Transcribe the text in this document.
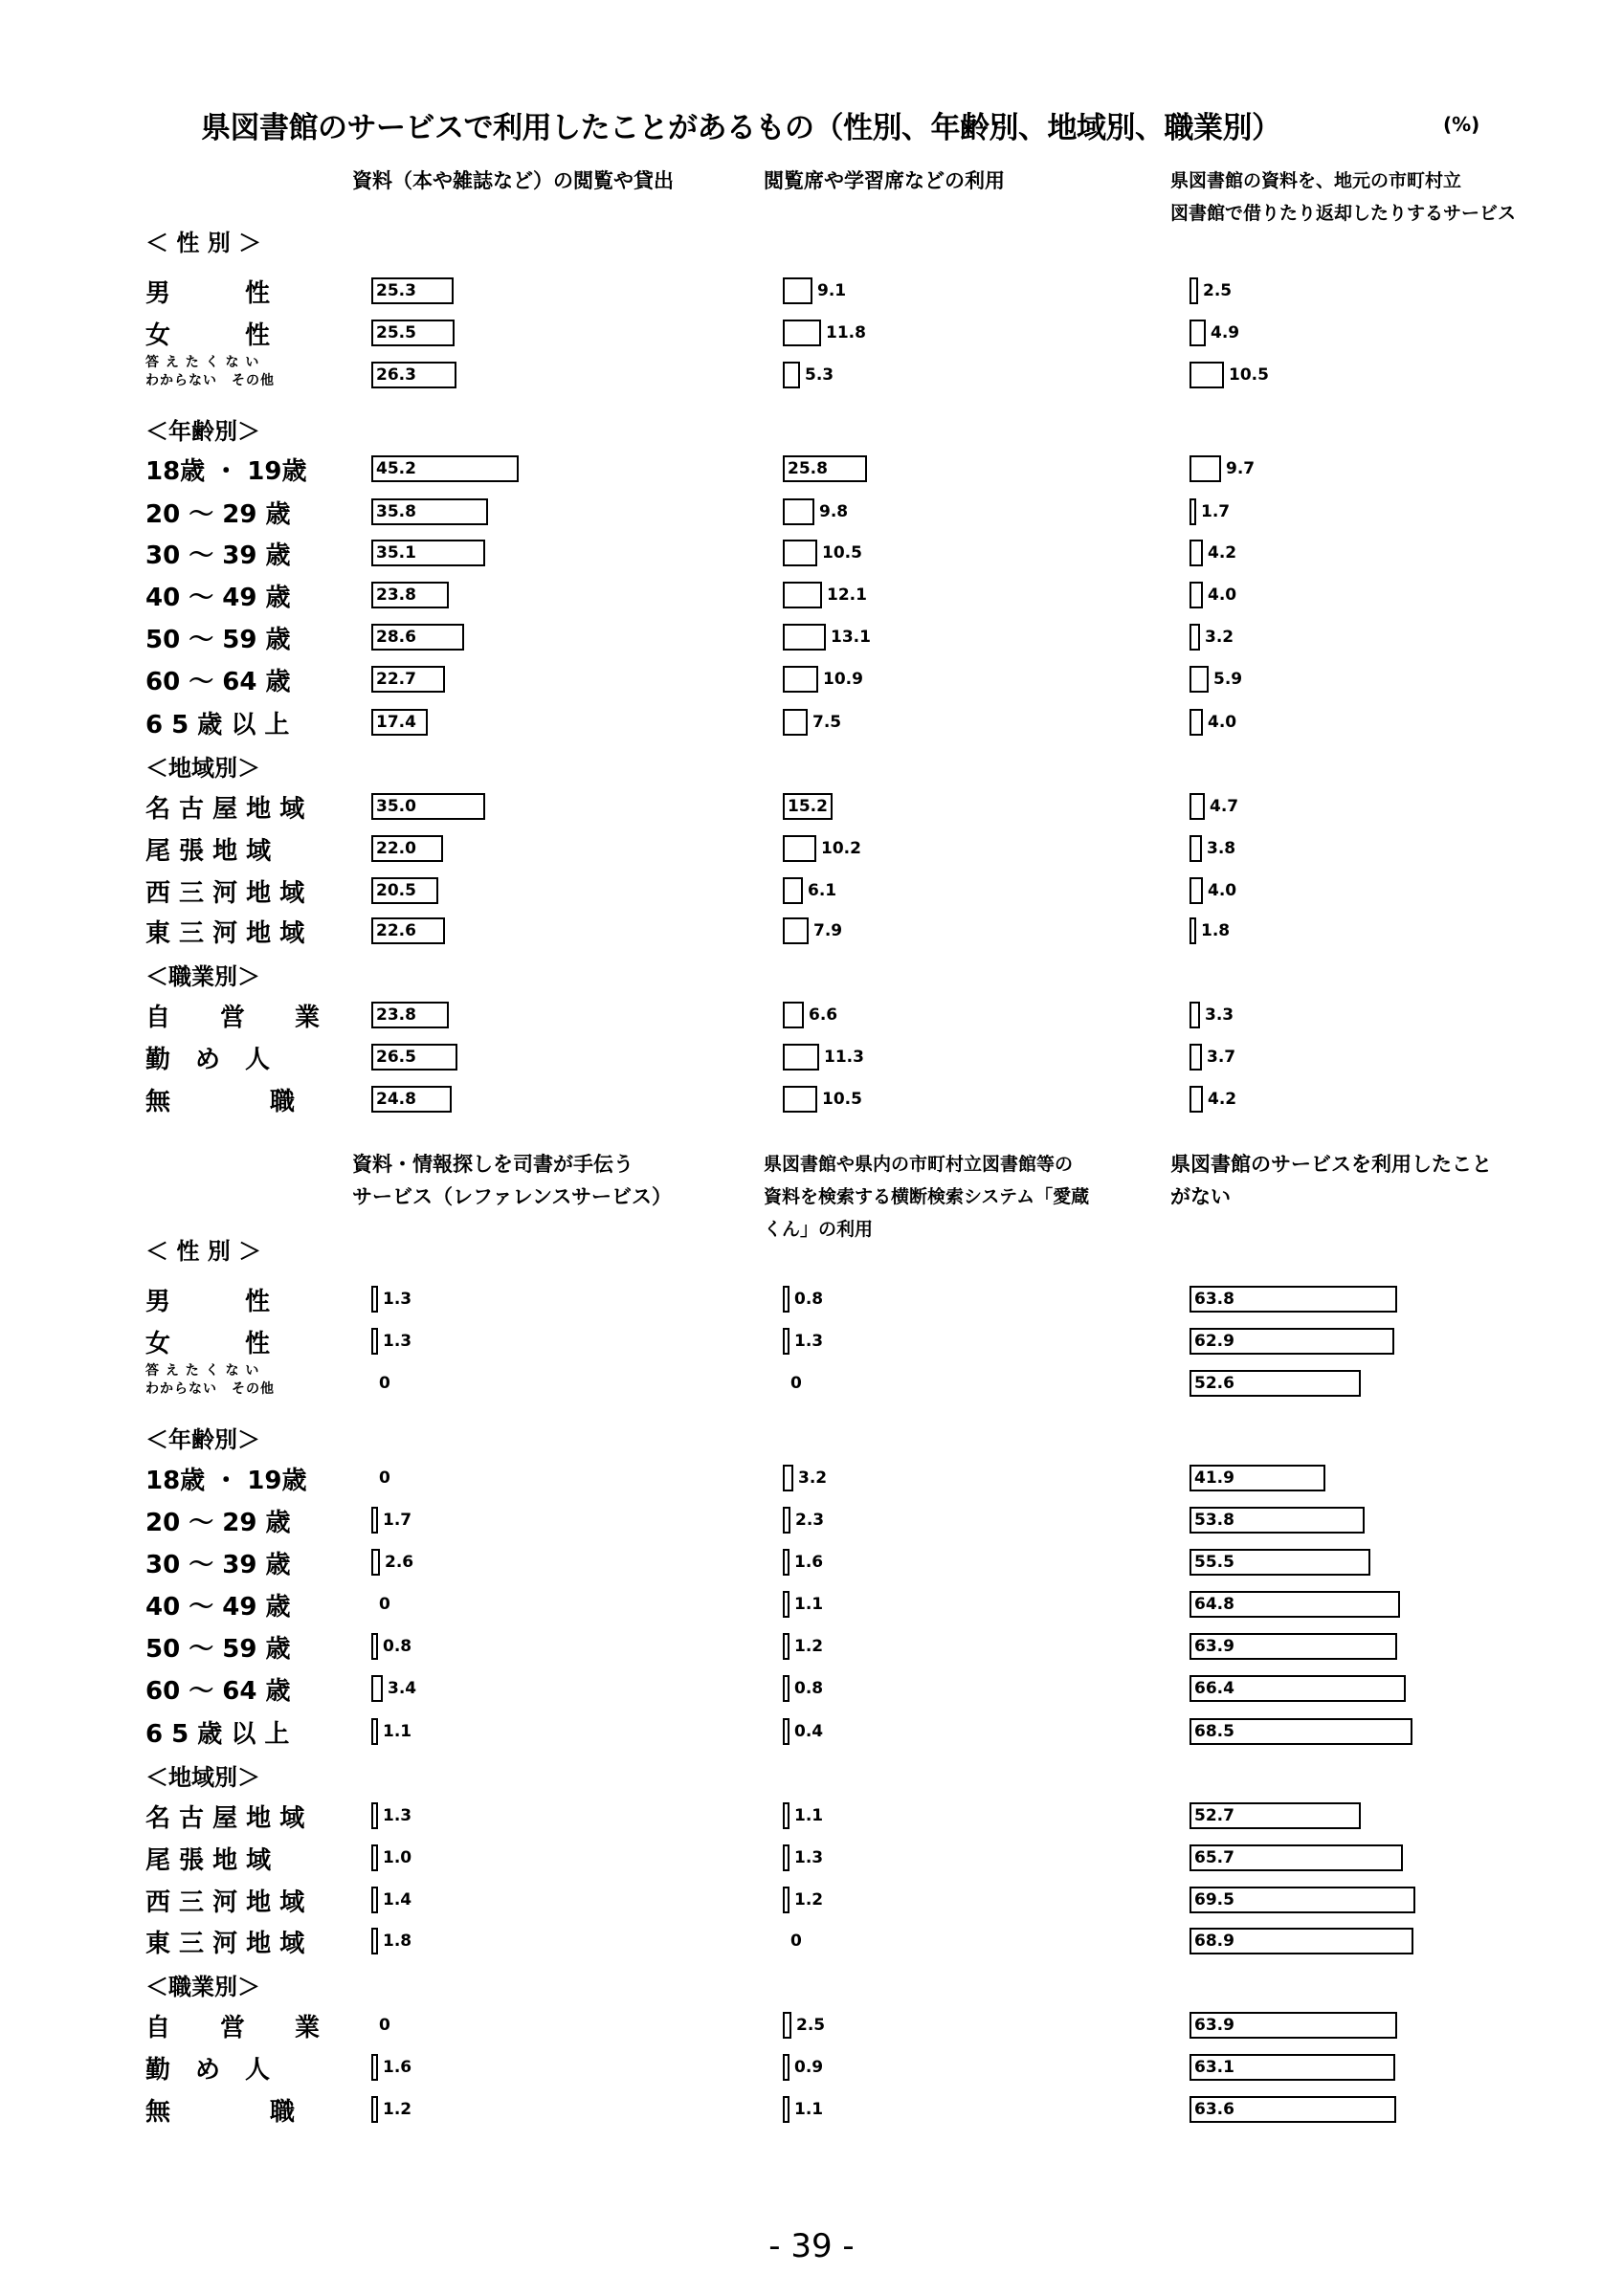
県図書館のサービスで利用したことがあるもの（性別、年齢別、地域別、職業別）	(%)
資料（本や雑誌など）の閲覧や貸出	閲覧席や学習席などの利用	県図書館の資料を、地元の市町村立
図書館で借りたり返却したりするサービス
＜ 性 別 ＞
男　　　性	25.3	9.1	2.5
女　　　性	25.5	11.8	4.9
答 え た く な い
わからない　その他	26.3	5.3	10.5
＜年齢別＞
18歳 ・ 19歳	45.2	25.8	9.7
20 ～ 29 歳	35.8	9.8	1.7
30 ～ 39 歳	35.1	10.5	4.2
40 ～ 49 歳	23.8	12.1	4.0
50 ～ 59 歳	28.6	13.1	3.2
60 ～ 64 歳	22.7	10.9	5.9
6 5 歳 以 上	17.4	7.5	4.0
＜地域別＞
名 古 屋 地 域	35.0	15.2	4.7
尾 張 地 域	22.0	10.2	3.8
西 三 河 地 域	20.5	6.1	4.0
東 三 河 地 域	22.6	7.9	1.8
＜職業別＞
自　　営　　業	23.8	6.6	3.3
勤　め　人	26.5	11.3	3.7
無　　　　職	24.8	10.5	4.2
資料・情報探しを司書が手伝う
サービス（レファレンスサービス）
県図書館や県内の市町村立図書館等の
資料を検索する横断検索システム「愛蔵
くん」の利用
県図書館のサービスを利用したこと
がない
＜ 性 別 ＞
男　　　性	1.3	0.8	63.8
女　　　性	1.3	1.3	62.9
答 え た く な い
わからない　その他	0	0	52.6
＜年齢別＞
18歳 ・ 19歳	0	3.2	41.9
20 ～ 29 歳	1.7	2.3	53.8
30 ～ 39 歳	2.6	1.6	55.5
40 ～ 49 歳	0	1.1	64.8
50 ～ 59 歳	0.8	1.2	63.9
60 ～ 64 歳	3.4	0.8	66.4
6 5 歳 以 上	1.1	0.4	68.5
＜地域別＞
名 古 屋 地 域	1.3	1.1	52.7
尾 張 地 域	1.0	1.3	65.7
西 三 河 地 域	1.4	1.2	69.5
東 三 河 地 域	1.8	0	68.9
＜職業別＞
自　　営　　業	0	2.5	63.9
勤　め　人	1.6	0.9	63.1
無　　　　職	1.2	1.1	63.6
- 39 -
